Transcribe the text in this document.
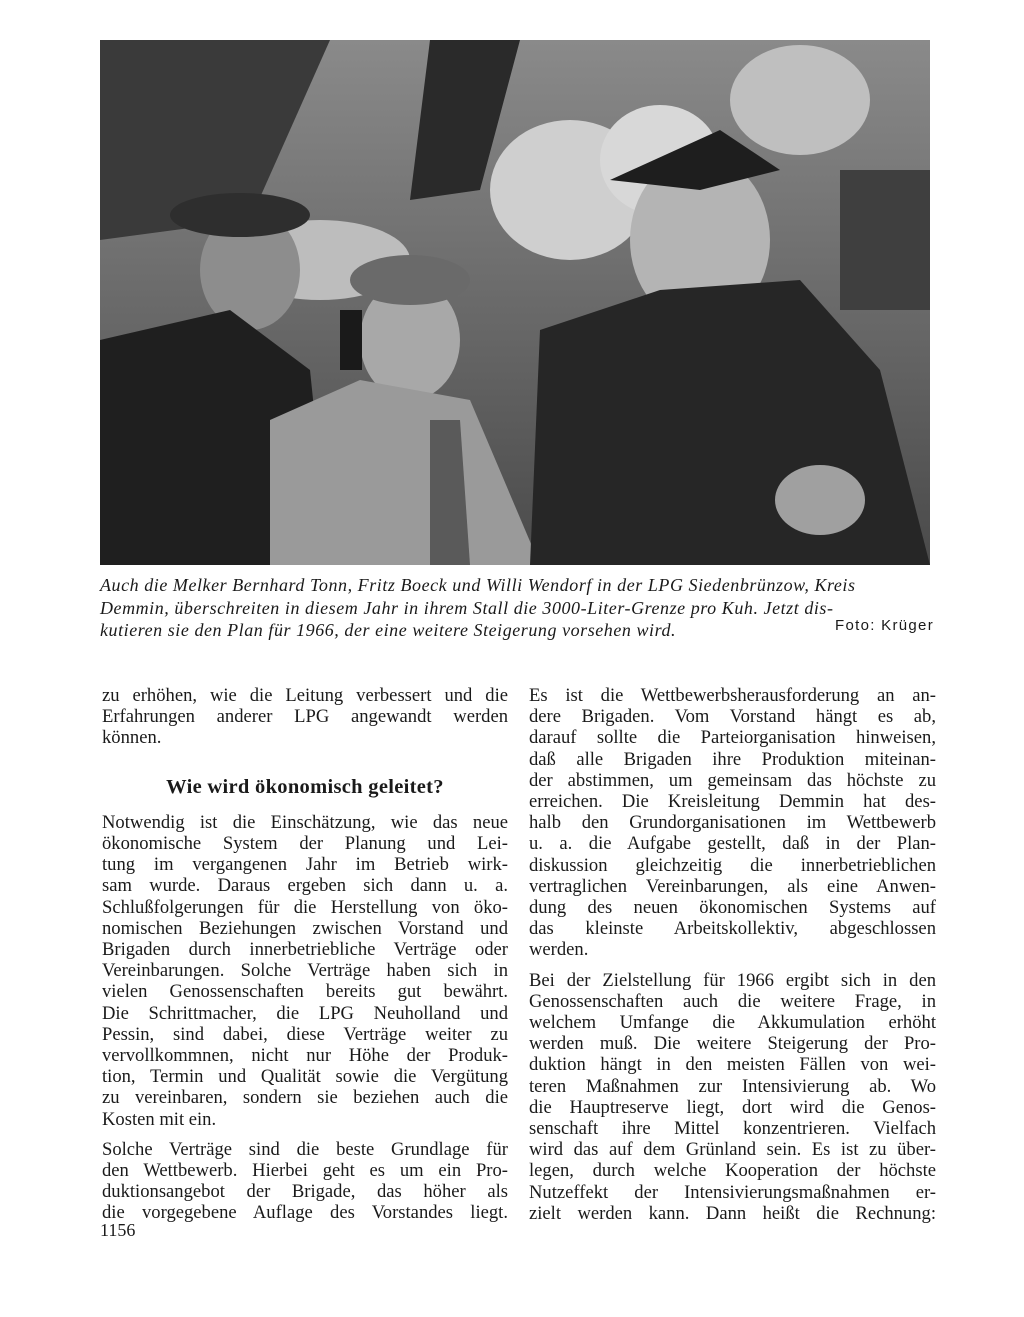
Auch die Melker Bernhard Tonn, Fritz Boeck und Willi Wendorf in der LPG Siedenbrünzow, Kreis
Demmin, überschreiten in diesem Jahr in ihrem Stall die 3000-Liter-Grenze pro Kuh. Jetzt dis-
kutieren sie den Plan für 1966, der eine weitere Steigerung vorsehen wird.	Foto: Krüger

zu erhöhen, wie die Leitung verbessert und die
Erfahrungen anderer LPG angewandt werden
können.

Wie wird ökonomisch geleitet?

Notwendig ist die Einschätzung, wie das neue
ökonomische System der Planung und Lei-
tung im vergangenen Jahr im Betrieb wirk-
sam wurde. Daraus ergeben sich dann u. a.
Schlußfolgerungen für die Herstellung von öko-
nomischen Beziehungen zwischen Vorstand und
Brigaden durch innerbetriebliche Verträge oder
Vereinbarungen. Solche Verträge haben sich in
vielen Genossenschaften bereits gut bewährt.
Die Schrittmacher, die LPG Neuholland und
Pessin, sind dabei, diese Verträge weiter zu
vervollkommnen, nicht nur Höhe der Produk-
tion, Termin und Qualität sowie die Vergütung
zu vereinbaren, sondern sie beziehen auch die
Kosten mit ein.

Solche Verträge sind die beste Grundlage für
den Wettbewerb. Hierbei geht es um ein Pro-
duktionsangebot der Brigade, das höher als
die vorgegebene Auflage des Vorstandes liegt.

Es ist die Wettbewerbsherausforderung an an-
dere Brigaden. Vom Vorstand hängt es ab,
darauf sollte die Parteiorganisation hinweisen,
daß alle Brigaden ihre Produktion miteinan-
der abstimmen, um gemeinsam das höchste zu
erreichen. Die Kreisleitung Demmin hat des-
halb den Grundorganisationen im Wettbewerb
u. a. die Aufgabe gestellt, daß in der Plan-
diskussion gleichzeitig die innerbetrieblichen
vertraglichen Vereinbarungen, als eine Anwen-
dung des neuen ökonomischen Systems auf
das kleinste Arbeitskollektiv, abgeschlossen
werden.

Bei der Zielstellung für 1966 ergibt sich in den
Genossenschaften auch die weitere Frage, in
welchem Umfange die Akkumulation erhöht
werden muß. Die weitere Steigerung der Pro-
duktion hängt in den meisten Fällen von wei-
teren Maßnahmen zur Intensivierung ab. Wo
die Hauptreserve liegt, dort wird die Genos-
senschaft ihre Mittel konzentrieren. Vielfach
wird das auf dem Grünland sein. Es ist zu über-
legen, durch welche Kooperation der höchste
Nutzeffekt der Intensivierungsmaßnahmen er-
zielt werden kann. Dann heißt die Rechnung:

1156
